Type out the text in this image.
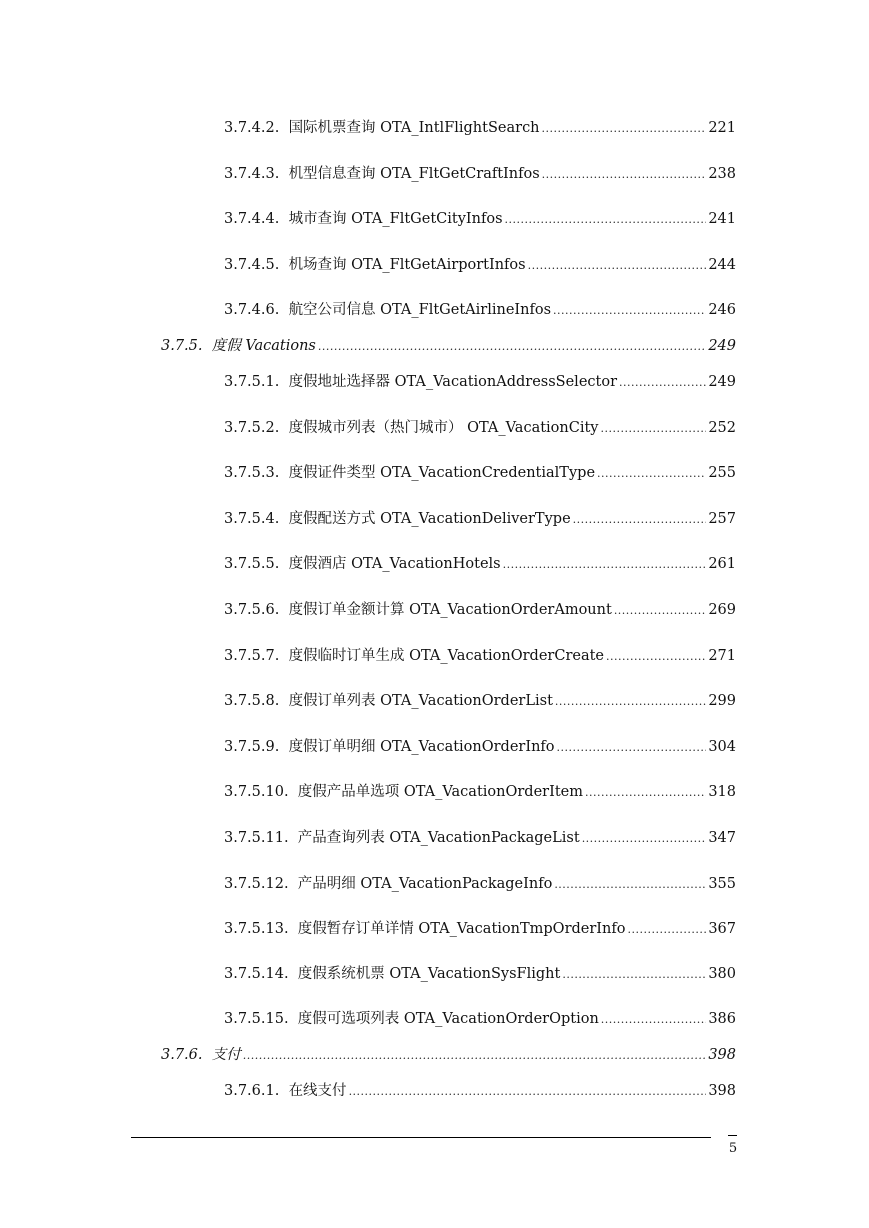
3.7.4.2. 国际机票查询 OTA_IntlFlightSearch .....	221
3.7.4.3. 机型信息查询 OTA_FltGetCraftInfos .....	238
3.7.4.4. 城市查询 OTA_FltGetCityInfos .....	241
3.7.4.5. 机场查询 OTA_FltGetAirportInfos .....	244
3.7.4.6. 航空公司信息 OTA_FltGetAirlineInfos .....	246
3.7.5. 度假 Vacations .....	249
3.7.5.1. 度假地址选择器 OTA_VacationAddressSelector .....	249
3.7.5.2. 度假城市列表（热门城市） OTA_VacationCity .....	252
3.7.5.3. 度假证件类型 OTA_VacationCredentialType .....	255
3.7.5.4. 度假配送方式 OTA_VacationDeliverType .....	257
3.7.5.5. 度假酒店 OTA_VacationHotels .....	261
3.7.5.6. 度假订单金额计算 OTA_VacationOrderAmount .....	269
3.7.5.7. 度假临时订单生成 OTA_VacationOrderCreate .....	271
3.7.5.8. 度假订单列表 OTA_VacationOrderList .....	299
3.7.5.9. 度假订单明细 OTA_VacationOrderInfo .....	304
3.7.5.10. 度假产品单选项 OTA_VacationOrderItem .....	318
3.7.5.11. 产品查询列表 OTA_VacationPackageList .....	347
3.7.5.12. 产品明细 OTA_VacationPackageInfo .....	355
3.7.5.13. 度假暂存订单详情 OTA_VacationTmpOrderInfo .....	367
3.7.5.14. 度假系统机票 OTA_VacationSysFlight .....	380
3.7.5.15. 度假可选项列表 OTA_VacationOrderOption .....	386
3.7.6. 支付 .....	398
3.7.6.1. 在线支付 .....	398
5
